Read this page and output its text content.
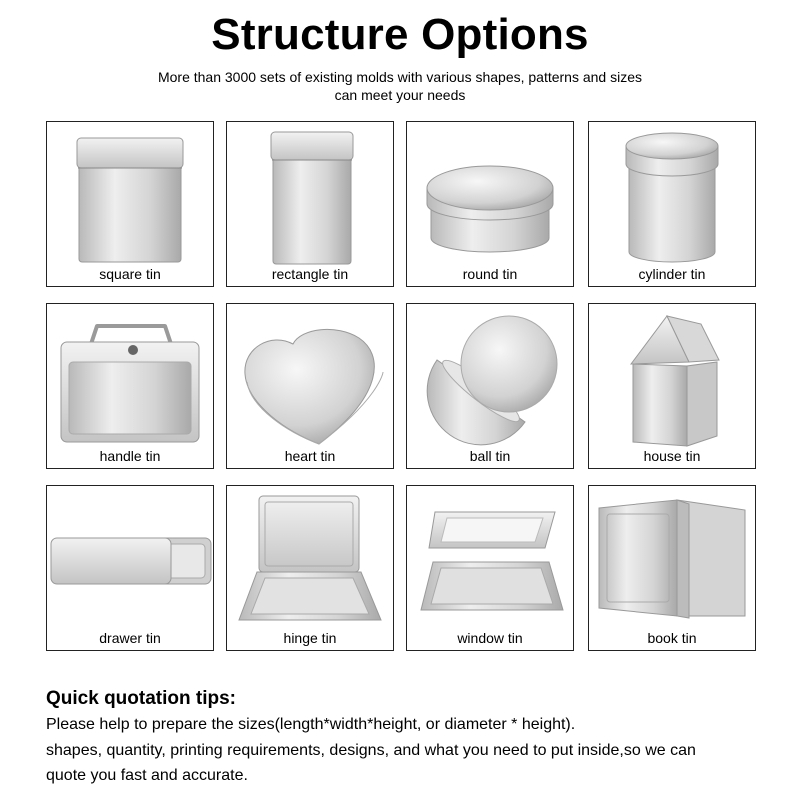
Structure Options
More than 3000 sets of existing molds with various shapes, patterns and sizes
can meet your needs
square tin	rectangle tin	round tin	cylinder tin
handle tin	heart tin	ball tin	house tin
drawer tin	hinge tin	window tin	book tin
Quick quotation tips:
Please help to prepare the sizes(length*width*height, or diameter * height).
shapes, quantity, printing requirements, designs, and what you need to put inside,so we can
quote you fast and accurate.
